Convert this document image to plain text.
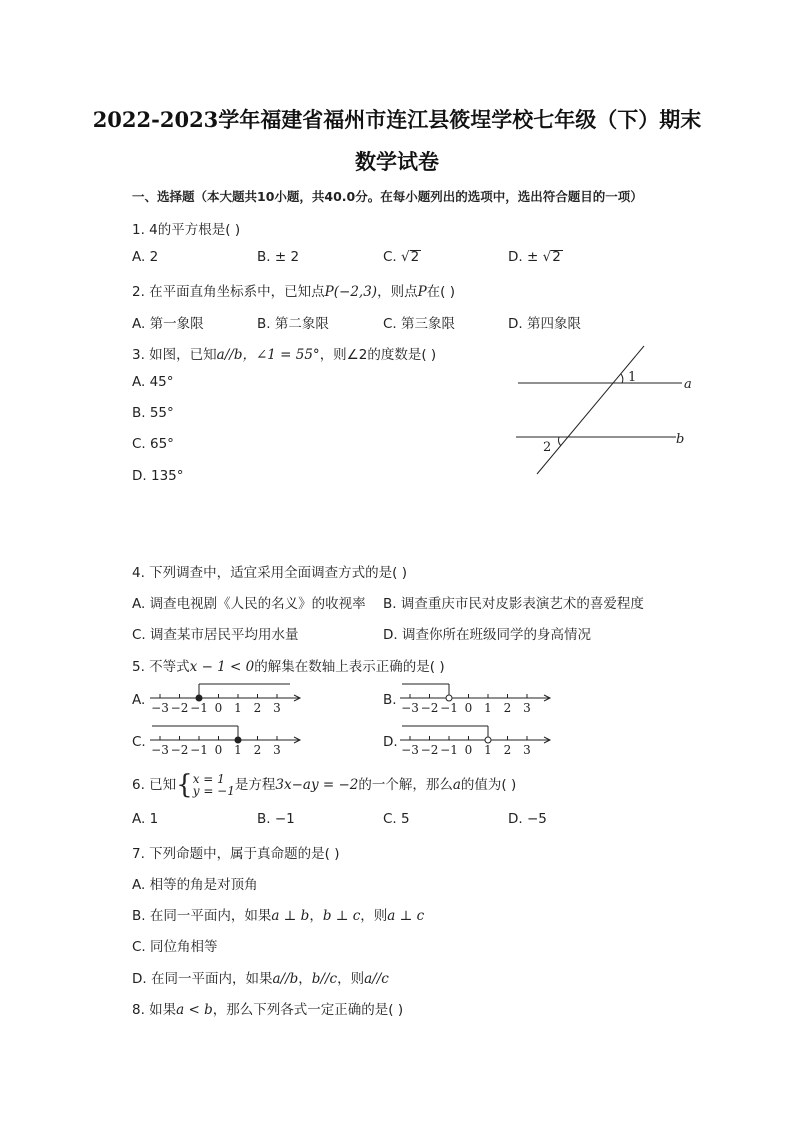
2022-2023学年福建省福州市连江县筱埕学校七年级（下）期末
数学试卷
一、选择题（本大题共10小题，共40.0分。在每小题列出的选项中，选出符合题目的一项）
1. 4的平方根是( )
A. 2	B. ± 2	C. √2	D. ± √2
2. 在平面直角坐标系中，已知点P(−2,3)，则点P在( )
A. 第一象限	B. 第二象限	C. 第三象限	D. 第四象限
3. 如图，已知a//b，∠1 = 55°，则∠2的度数是( )
A. 45°
B. 55°
C. 65°
D. 135°
1
2
a
b
4. 下列调查中，适宜采用全面调查方式的是( )
A. 调查电视剧《人民的名义》的收视率 B. 调查重庆市民对皮影表演艺术的喜爱程度
C. 调查某市居民平均用水量	D. 调查你所在班级同学的身高情况
5. 不等式x − 1 < 0的解集在数轴上表示正确的是( )
A.	B.
C.	D.
−3 −2 −1 0 1 2 3	−3 −2 −1 0 1 2 3
−3 −2 −1 0 1 2 3	−3 −2 −1 0 1 2 3
6. 已知{x = 1
y = −1是方程3x−ay = −2的一个解，那么a的值为( )
A. 1	B. −1	C. 5	D. −5
7. 下列命题中，属于真命题的是( )
A. 相等的角是对顶角
B. 在同一平面内，如果a ⊥ b，b ⊥ c，则a ⊥ c
C. 同位角相等
D. 在同一平面内，如果a//b，b//c，则a//c
8. 如果a < b，那么下列各式一定正确的是( )
